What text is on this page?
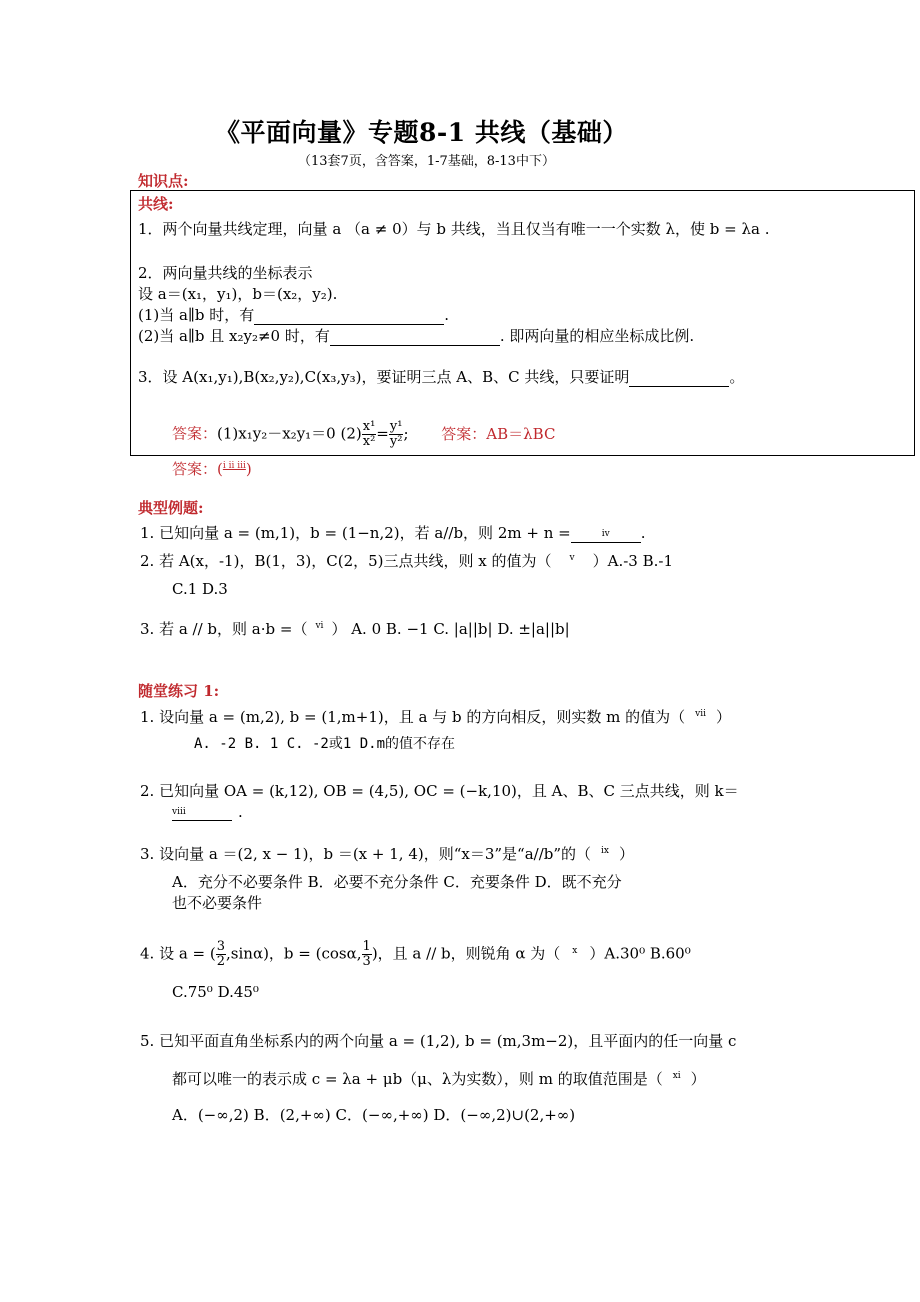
《平面向量》专题8-1 共线（基础）
（13套7页，含答案，1-7基础，8-13中下）
知识点:
共线:
1．两个向量共线定理，向量 a （a ≠ 0）与 b 共线，当且仅当有唯一一个实数 λ，使 b = λa .
2．两向量共线的坐标表示
设 a＝(x₁，y₁)，b＝(x₂，y₂).
(1)当 a∥b 时，有	.
(2)当 a∥b 且 x₂y₂≠0 时，有	. 即两向量的相应坐标成比例.
3．设 A(x₁,y₁),B(x₂,y₂),C(x₃,y₃)，要证明三点 A、B、C 共线，只要证明	。
答案：(1)x₁y₂－x₂y₁＝0 $(2) \frac{\text{x¹}}{\text{x²}} = \frac{\text{y¹}}{\text{y²}}$ ; 答案：AB＝λBC
答案：($^{i ii iii}$)
典型例题:
1. 已知向量 a = (m,1)，b = (1−n,2)，若 a//b，则 2m + n =	$^{iv}$ .
2. 若 A(x，-1)，B(1，3)，C(2，5)三点共线，则 x 的值为（ $^v$ ）A.-3 B.-1
C.1 D.3
3. 若 a // b，则 a·b =（ $^{vi}$ ） A. 0 B. −1 C. |a||b| D. ±|a||b|
随堂练习 1:
1. 设向量 a = (m,2), b = (1,m+1)，且 a 与 b 的方向相反，则实数 m 的值为（ $^{vii}$ ）
A. -2 B. 1 C. -2或1 D.m的值不存在
2. 已知向量 OA = (k,12), OB = (4,5), OC = (−k,10)，且 A、B、C 三点共线，则 k＝
$^{viii}$	.
3. 设向量 a ＝(2, x − 1)，b ＝(x + 1, 4)，则“x＝3”是“a//b”的（ $^{ix}$ ）
A．充分不必要条件 B．必要不充分条件 C．充要条件 D．既不充分
也不必要条件
4. 设 a = ( $\frac{3}{2} ,\sin\alpha$)，b = (cosα, $\frac{1}{3}$ )，且 a // b，则锐角 α 为（ $^x$ ）A.30⁰ B.60⁰
C.75⁰ D.45⁰
5. 已知平面直角坐标系内的两个向量 a = (1,2), b = (m,3m−2)，且平面内的任一向量 c
都可以唯一的表示成 c = λa + μb（μ、λ为实数），则 m 的取值范围是（ $^{xi}$ ）
A．(−∞,2) B．(2,+∞) C．(−∞,+∞) D．(−∞,2)∪(2,+∞)
